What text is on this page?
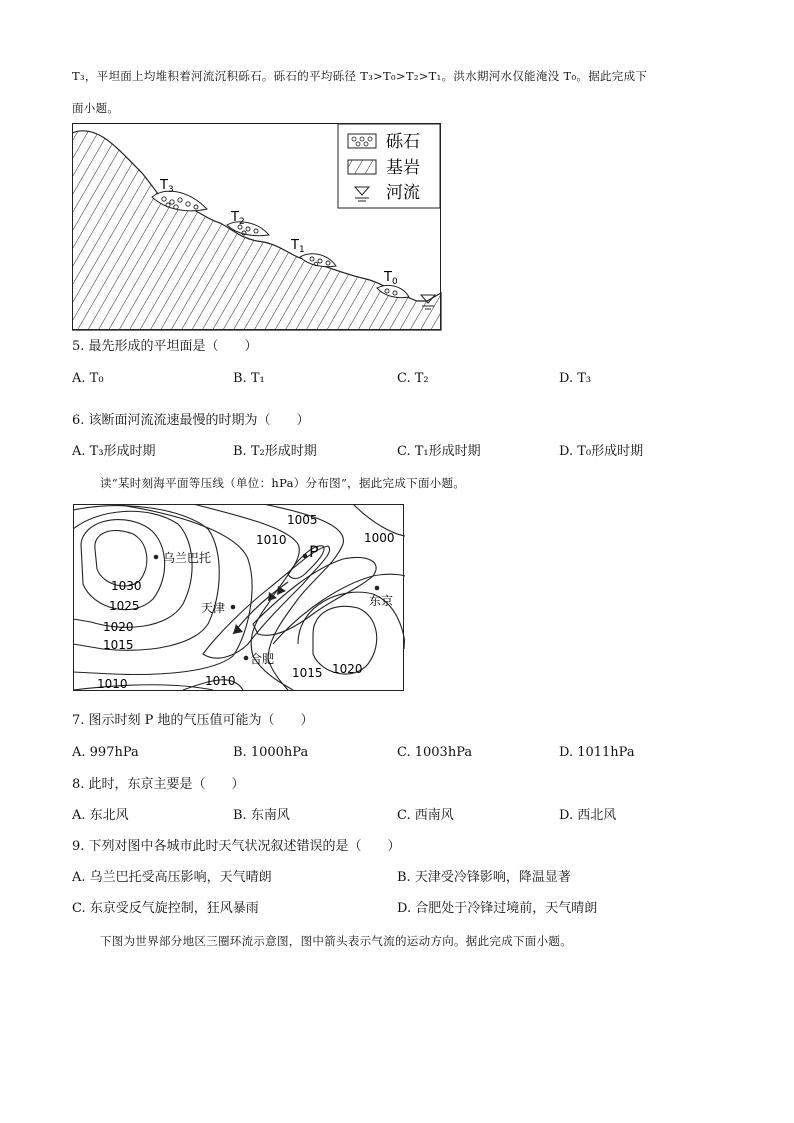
T₃，平坦面上均堆积着河流沉积砾石。砾石的平均砾径 T₃>T₀>T₂>T₁。洪水期河水仅能淹没 T₀。据此完成下
面小题。
$T_3$
$T_2$
$T_1$
$T_0$
砾石
基岩
河流
5. 最先形成的平坦面是（　　）
A. T₀	B. T₁	C. T₂	D. T₃
6. 该断面河流流速最慢的时期为（　　）
A. T₃形成时期	B. T₂形成时期	C. T₁形成时期	D. T₀形成时期
读“某时刻海平面等压线（单位：hPa）分布图”，据此完成下面小题。
乌兰巴托
天津	东京
合肥
P
1005
1010	1000
1030
1025
1020
1015
1020
1015
1010
1010
7. 图示时刻 P 地的气压值可能为（　　）
A. 997hPa	B. 1000hPa	C. 1003hPa	D. 1011hPa
8. 此时，东京主要是（　　）
A. 东北风	B. 东南风	C. 西南风	D. 西北风
9. 下列对图中各城市此时天气状况叙述错误的是（　　）
A. 乌兰巴托受高压影响，天气晴朗	B. 天津受冷锋影响，降温显著
C. 东京受反气旋控制，狂风暴雨	D. 合肥处于冷锋过境前，天气晴朗
下图为世界部分地区三圈环流示意图，图中箭头表示气流的运动方向。据此完成下面小题。
